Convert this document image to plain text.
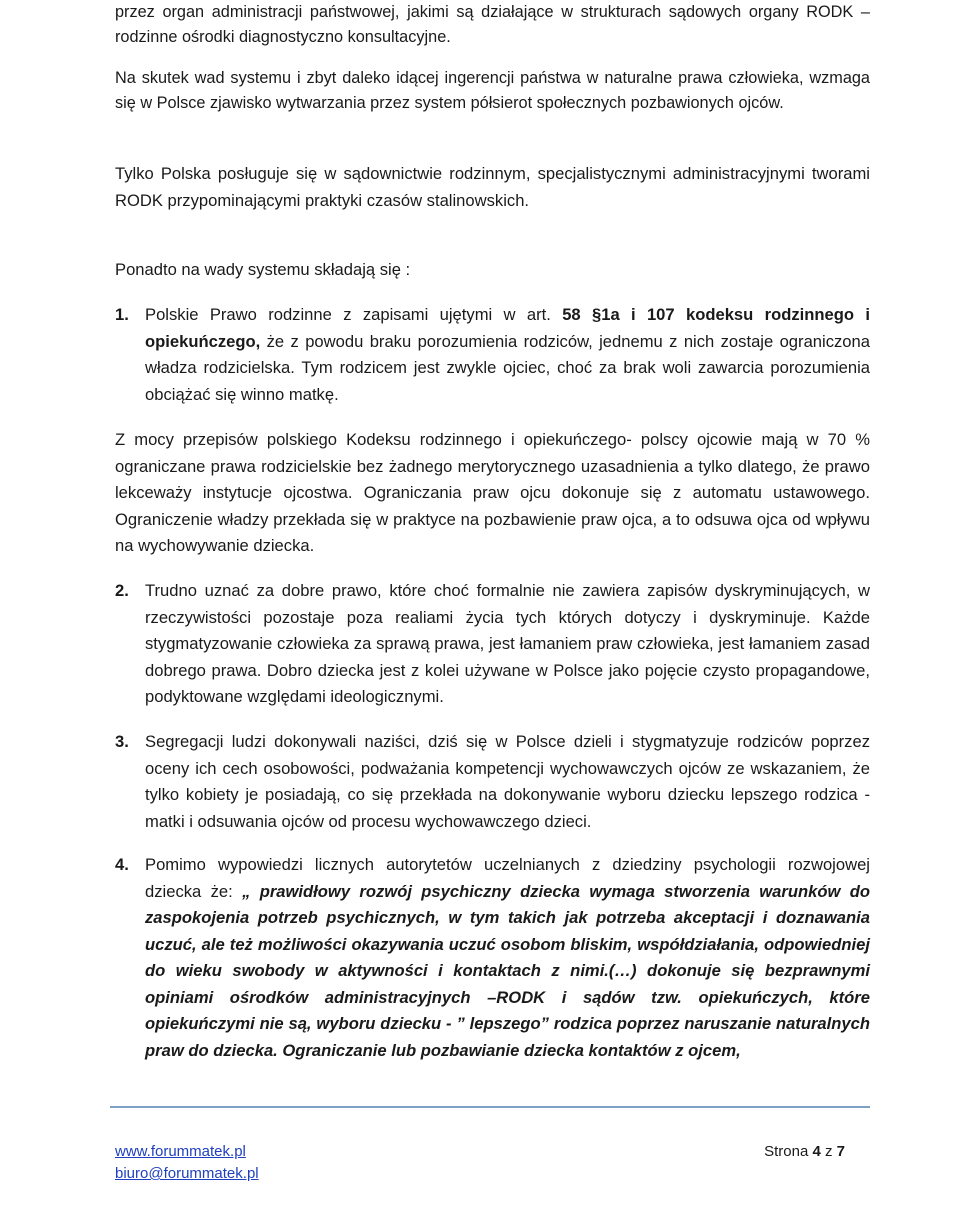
przez organ administracji państwowej, jakimi są działające w strukturach sądowych organy RODK – rodzinne ośrodki diagnostyczno konsultacyjne.

Na skutek wad systemu i zbyt daleko idącej ingerencji państwa w naturalne prawa człowieka, wzmaga się w Polsce zjawisko wytwarzania przez system półsierot społecznych pozbawionych ojców.

Tylko Polska posługuje się w sądownictwie rodzinnym, specjalistycznymi administracyjnymi tworami RODK przypominającymi praktyki czasów stalinowskich.

Ponadto na wady systemu składają się :

1. Polskie Prawo rodzinne z zapisami ujętymi w art. 58 §1a i 107 kodeksu rodzinnego i opiekuńczego, że z powodu braku porozumienia rodziców, jednemu z nich zostaje ograniczona władza rodzicielska. Tym rodzicem jest zwykle ojciec, choć za brak woli zawarcia porozumienia obciążać się winno matkę.

Z mocy przepisów polskiego Kodeksu rodzinnego i opiekuńczego- polscy ojcowie mają w 70 % ograniczane prawa rodzicielskie bez żadnego merytorycznego uzasadnienia a tylko dlatego, że prawo lekceważy instytucje ojcostwa. Ograniczania praw ojcu dokonuje się z automatu ustawowego. Ograniczenie władzy przekłada się w praktyce na pozbawienie praw ojca, a to odsuwa ojca od wpływu na wychowywanie dziecka.

2. Trudno uznać za dobre prawo, które choć formalnie nie zawiera zapisów dyskryminujących, w rzeczywistości pozostaje poza realiami życia tych których dotyczy i dyskryminuje. Każde stygmatyzowanie człowieka za sprawą prawa, jest łamaniem praw człowieka, jest łamaniem zasad dobrego prawa. Dobro dziecka jest z kolei używane w Polsce jako pojęcie czysto propagandowe, podyktowane względami ideologicznymi.

3. Segregacji ludzi dokonywali naziści, dziś się w Polsce dzieli i stygmatyzuje rodziców poprzez oceny ich cech osobowości, podważania kompetencji wychowawczych ojców ze wskazaniem, że tylko kobiety je posiadają, co się przekłada na dokonywanie wyboru dziecku lepszego rodzica - matki i odsuwania ojców od procesu wychowawczego dzieci.

4. Pomimo wypowiedzi licznych autorytetów uczelnianych z dziedziny psychologii rozwojowej dziecka że: „ prawidłowy rozwój psychiczny dziecka wymaga stworzenia warunków do zaspokojenia potrzeb psychicznych, w tym takich jak potrzeba akceptacji i doznawania uczuć, ale też możliwości okazywania uczuć osobom bliskim, współdziałania, odpowiedniej do wieku swobody w aktywności i kontaktach z nimi.(…) dokonuje się bezprawnymi opiniami ośrodków administracyjnych –RODK i sądów tzw. opiekuńczych, które opiekuńczymi nie są, wyboru dziecku - ” lepszego” rodzica poprzez naruszanie naturalnych praw do dziecka. Ograniczanie lub pozbawianie dziecka kontaktów z ojcem,

www.forummatek.pl
biuro@forummatek.pl
Strona 4 z 7
